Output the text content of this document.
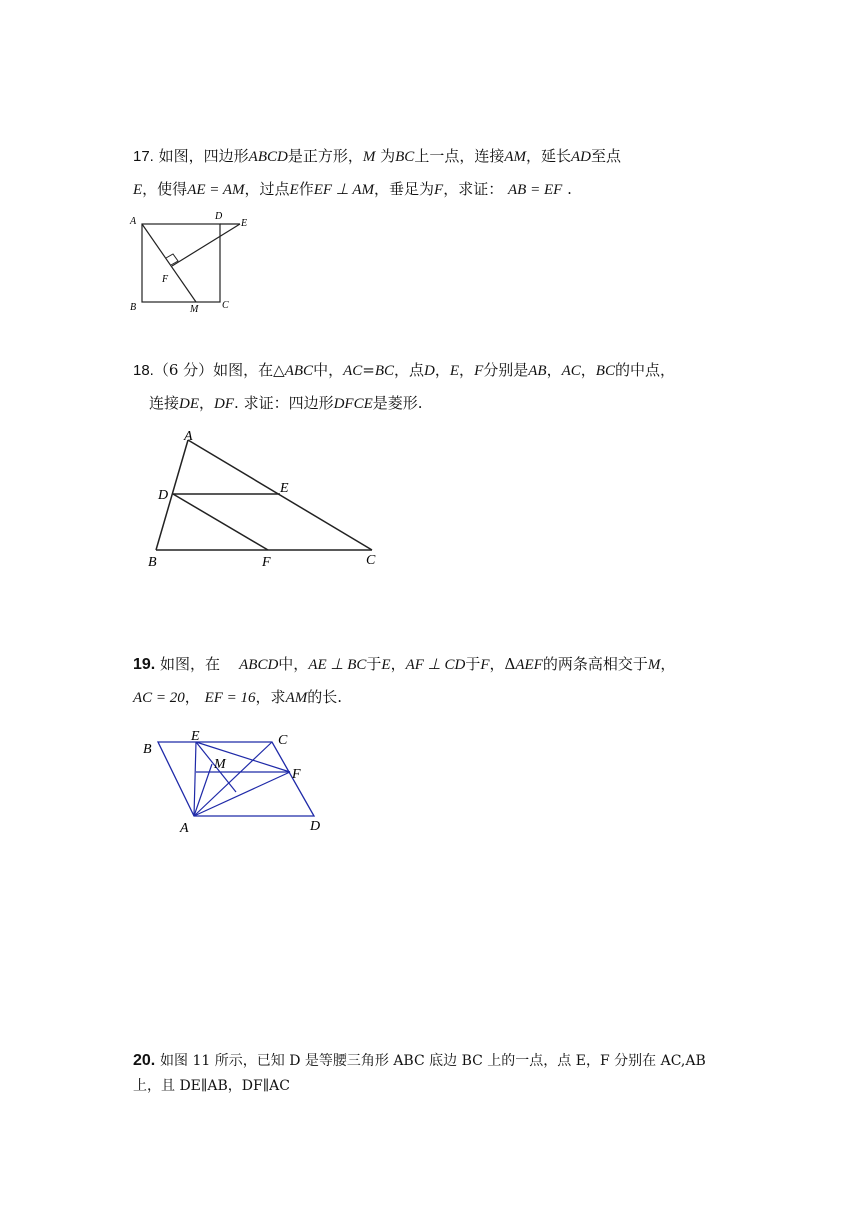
17. 如图，四边形ABCD是正方形，M 为BC上一点，连接AM，延长AD至点
E，使得AE = AM，过点E作EF ⊥ AM，垂足为F，求证： AB = EF .
A	D
E
F
B	M C
18.（6 分）如图，在△ABC中，AC=BC，点D，E，F分别是AB，AC，BC的中点，
连接DE，DF. 求证：四边形DFCE是菱形.
A
D	E
B	F	C
19. 如图，在 ABCD中，AE ⊥ BC于E，AF ⊥ CD于F，ΔAEF的两条高相交于M，
AC = 20， EF = 16，求AM的长.
B
E	C
M
F
A	D
20. 如图 11 所示，已知 D 是等腰三角形 ABC 底边 BC 上的一点，点 E，F 分别在 AC,AB
上，且 DE∥AB，DF∥AC
